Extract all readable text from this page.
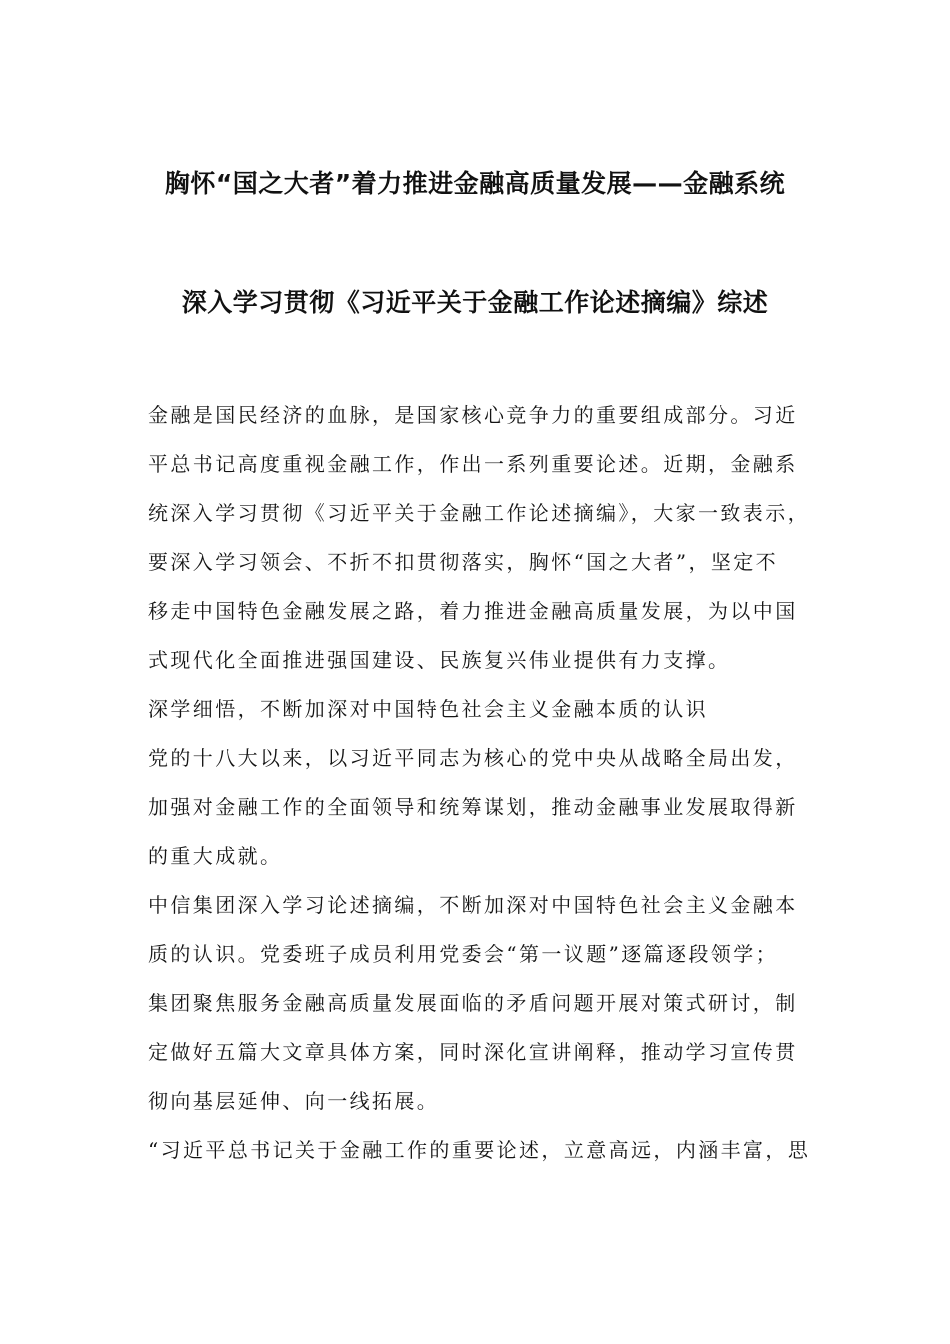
胸怀“国之大者”着力推进金融高质量发展——金融系统
深入学习贯彻《习近平关于金融工作论述摘编》综述
金融是国民经济的血脉，是国家核心竞争力的重要组成部分。习近
平总书记高度重视金融工作，作出一系列重要论述。近期，金融系
统深入学习贯彻《习近平关于金融工作论述摘编》，大家一致表示，
要深入学习领会、不折不扣贯彻落实，胸怀“国之大者”，坚定不
移走中国特色金融发展之路，着力推进金融高质量发展，为以中国
式现代化全面推进强国建设、民族复兴伟业提供有力支撑。
深学细悟，不断加深对中国特色社会主义金融本质的认识
党的十八大以来，以习近平同志为核心的党中央从战略全局出发，
加强对金融工作的全面领导和统筹谋划，推动金融事业发展取得新
的重大成就。
中信集团深入学习论述摘编，不断加深对中国特色社会主义金融本
质的认识。党委班子成员利用党委会“第一议题”逐篇逐段领学；
集团聚焦服务金融高质量发展面临的矛盾问题开展对策式研讨，制
定做好五篇大文章具体方案，同时深化宣讲阐释，推动学习宣传贯
彻向基层延伸、向一线拓展。
“习近平总书记关于金融工作的重要论述，立意高远，内涵丰富，思
